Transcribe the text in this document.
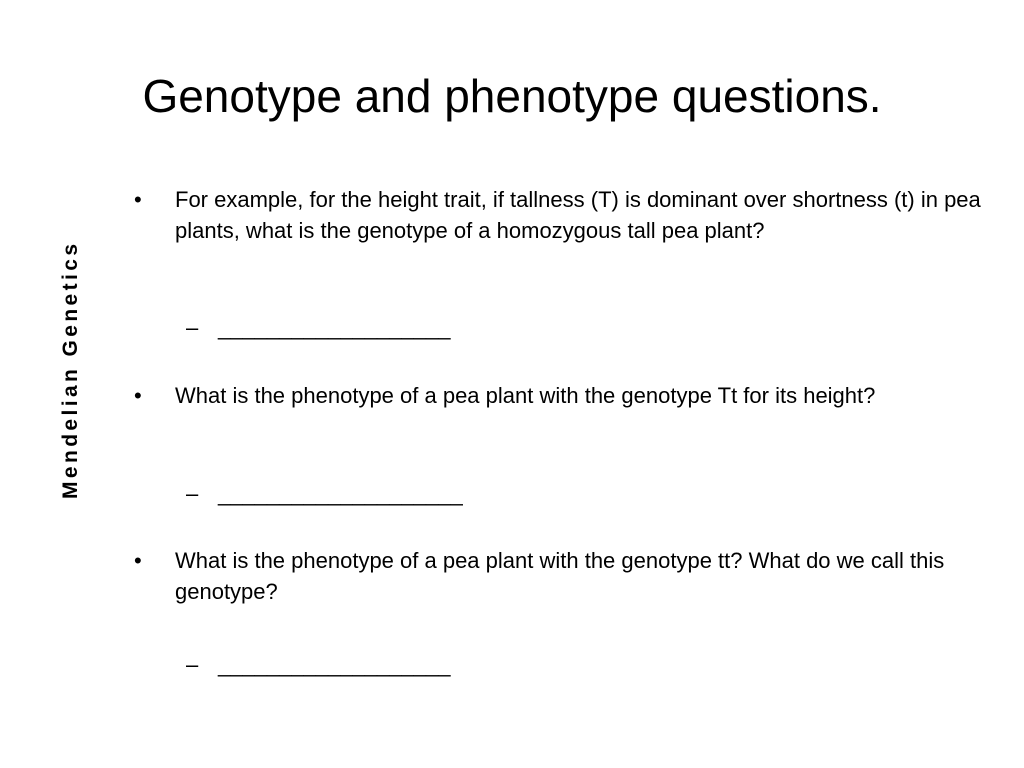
Genotype and phenotype questions.
Mendelian Genetics
• For example, for the height trait, if tallness (T) is dominant over shortness (t) in pea plants, what is the genotype of a homozygous tall pea plant?
– ___________________
• What is the phenotype of a pea plant with the genotype Tt for its height?
– ____________________
• What is the phenotype of a pea plant with the genotype tt? What do we call this genotype?
– ___________________
